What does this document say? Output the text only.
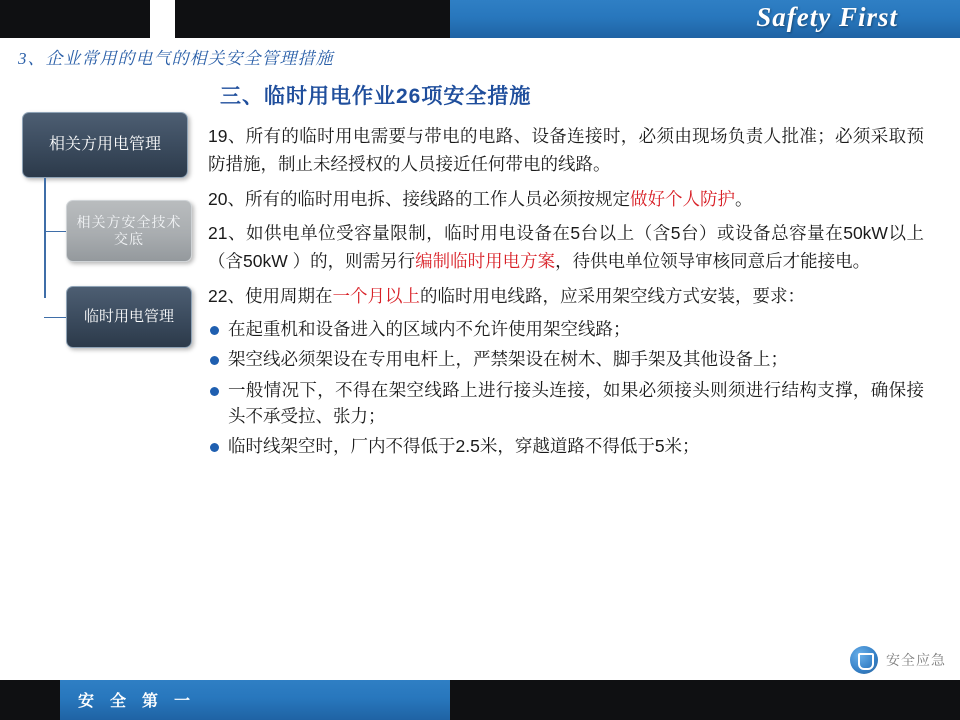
Safety First
3、企业常用的电气的相关安全管理措施
相关方用电管理
相关方安全技术交底
临时用电管理
三、临时用电作业26项安全措施
19、所有的临时用电需要与带电的电路、设备连接时，必须由现场负责人批准；必须采取预防措施，制止未经授权的人员接近任何带电的线路。
20、所有的临时用电拆、接线路的工作人员必须按规定做好个人防护。
21、如供电单位受容量限制，临时用电设备在5台以上（含5台）或设备总容量在50kW以上（含50kW ）的，则需另行编制临时用电方案，待供电单位领导审核同意后才能接电。
22、使用周期在一个月以上的临时用电线路，应采用架空线方式安装，要求：
在起重机和设备进入的区域内不允许使用架空线路；
架空线必须架设在专用电杆上，严禁架设在树木、脚手架及其他设备上；
一般情况下，不得在架空线路上进行接头连接，如果必须接头则须进行结构支撑，确保接头不承受拉、张力；
临时线架空时，厂内不得低于2.5米，穿越道路不得低于5米；
安全应急
安 全 第 一
